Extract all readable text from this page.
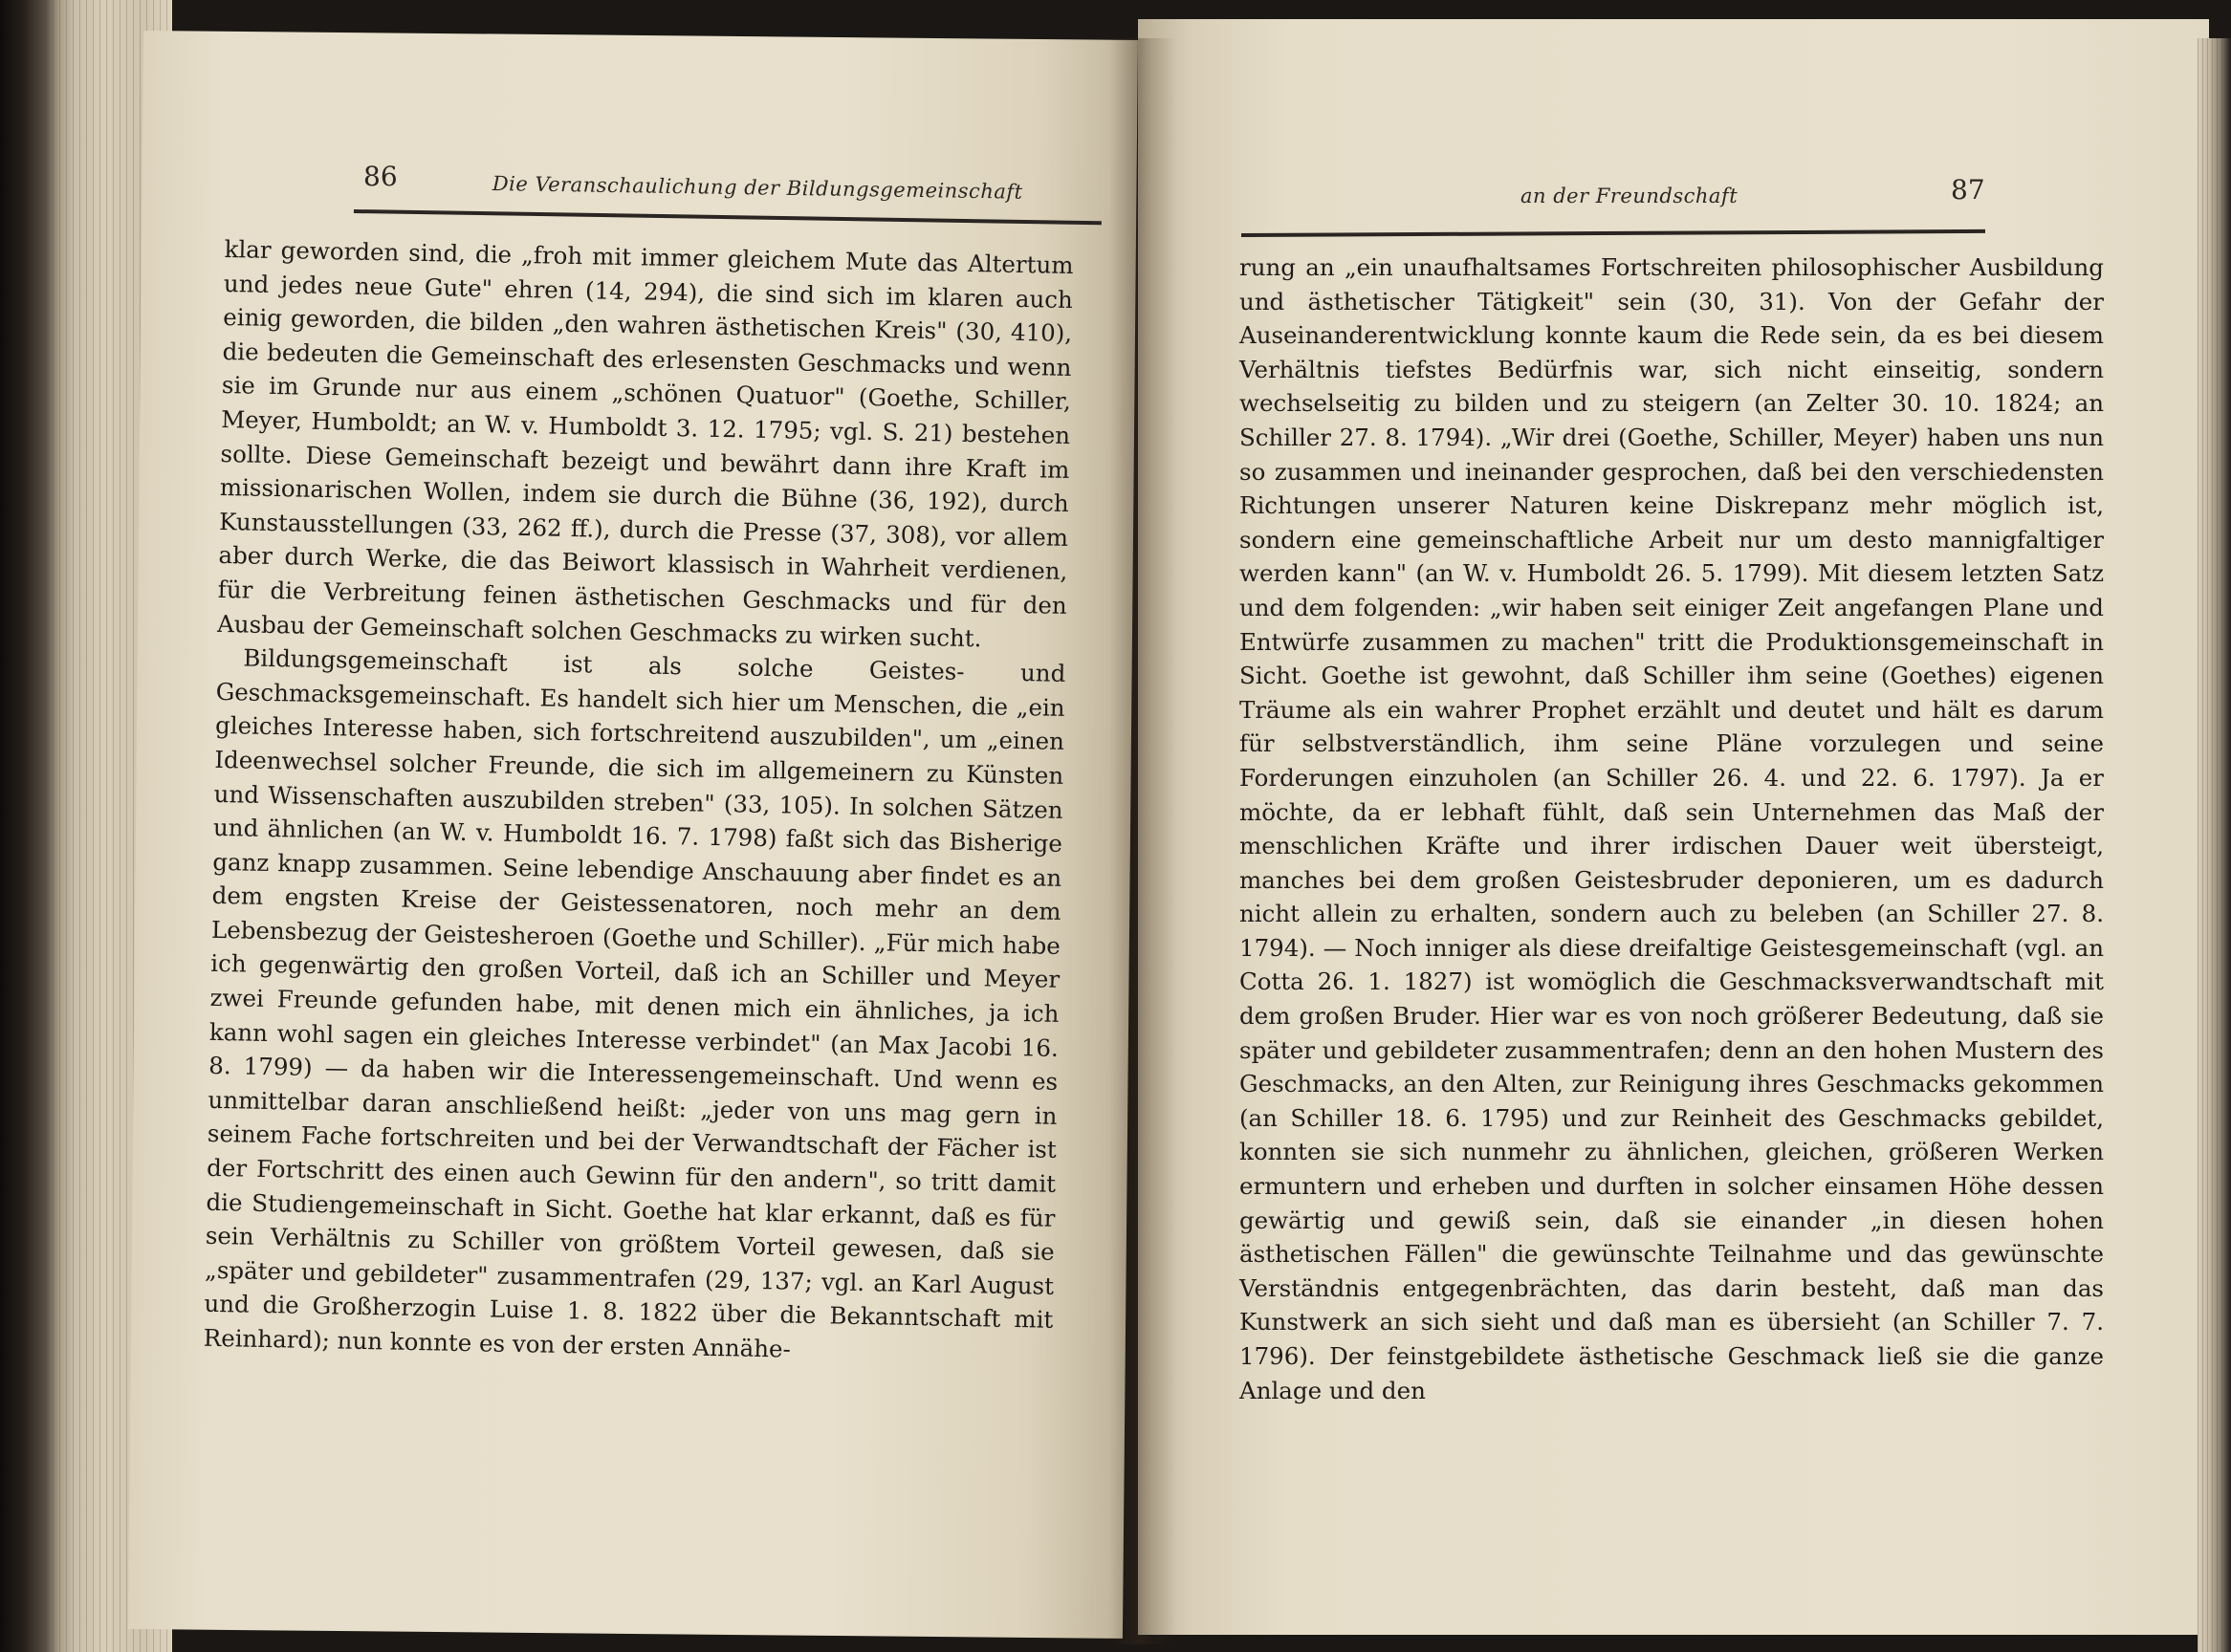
86	Die Veranschaulichung der Bildungsgemeinschaft

klar geworden sind, die „froh mit immer gleichem Mute das Altertum und jedes neue Gute" ehren (14, 294), die sind sich im klaren auch einig geworden, die bilden „den wahren ästhetischen Kreis" (30, 410), die bedeuten die Gemeinschaft des erlesensten Geschmacks und wenn sie im Grunde nur aus einem „schönen Quatuor" (Goethe, Schiller, Meyer, Humboldt; an W. v. Humboldt 3. 12. 1795; vgl. S. 21) bestehen sollte. Diese Gemeinschaft bezeigt und bewährt dann ihre Kraft im missionarischen Wollen, indem sie durch die Bühne (36, 192), durch Kunstausstellungen (33, 262 ff.), durch die Presse (37, 308), vor allem aber durch Werke, die das Beiwort klassisch in Wahrheit verdienen, für die Verbreitung feinen ästhetischen Geschmacks und für den Ausbau der Gemeinschaft solchen Geschmacks zu wirken sucht.

Bildungsgemeinschaft ist als solche Geistes- und Geschmacksgemeinschaft. Es handelt sich hier um Menschen, die „ein gleiches Interesse haben, sich fortschreitend auszubilden", um „einen Ideenwechsel solcher Freunde, die sich im allgemeinern zu Künsten und Wissenschaften auszubilden streben" (33, 105). In solchen Sätzen und ähnlichen (an W. v. Humboldt 16. 7. 1798) faßt sich das Bisherige ganz knapp zusammen. Seine lebendige Anschauung aber findet es an dem engsten Kreise der Geistessenatoren, noch mehr an dem Lebensbezug der Geistesheroen (Goethe und Schiller). „Für mich habe ich gegenwärtig den großen Vorteil, daß ich an Schiller und Meyer zwei Freunde gefunden habe, mit denen mich ein ähnliches, ja ich kann wohl sagen ein gleiches Interesse verbindet" (an Max Jacobi 16. 8. 1799) — da haben wir die Interessengemeinschaft. Und wenn es unmittelbar daran anschließend heißt: „jeder von uns mag gern in seinem Fache fortschreiten und bei der Verwandtschaft der Fächer ist der Fortschritt des einen auch Gewinn für den andern", so tritt damit die Studiengemeinschaft in Sicht. Goethe hat klar erkannt, daß es für sein Verhältnis zu Schiller von größtem Vorteil gewesen, daß sie „später und gebildeter" zusammentrafen (29, 137; vgl. an Karl August und die Großherzogin Luise 1. 8. 1822 über die Bekanntschaft mit Reinhard); nun konnte es von der ersten Annähe-

an der Freundschaft	87

rung an „ein unaufhaltsames Fortschreiten philosophischer Ausbildung und ästhetischer Tätigkeit" sein (30, 31). Von der Gefahr der Auseinanderentwicklung konnte kaum die Rede sein, da es bei diesem Verhältnis tiefstes Bedürfnis war, sich nicht einseitig, sondern wechselseitig zu bilden und zu steigern (an Zelter 30. 10. 1824; an Schiller 27. 8. 1794). „Wir drei (Goethe, Schiller, Meyer) haben uns nun so zusammen und ineinander gesprochen, daß bei den verschiedensten Richtungen unserer Naturen keine Diskrepanz mehr möglich ist, sondern eine gemeinschaftliche Arbeit nur um desto mannigfaltiger werden kann" (an W. v. Humboldt 26. 5. 1799). Mit diesem letzten Satz und dem folgenden: „wir haben seit einiger Zeit angefangen Plane und Entwürfe zusammen zu machen" tritt die Produktionsgemeinschaft in Sicht. Goethe ist gewohnt, daß Schiller ihm seine (Goethes) eigenen Träume als ein wahrer Prophet erzählt und deutet und hält es darum für selbstverständlich, ihm seine Pläne vorzulegen und seine Forderungen einzuholen (an Schiller 26. 4. und 22. 6. 1797). Ja er möchte, da er lebhaft fühlt, daß sein Unternehmen das Maß der menschlichen Kräfte und ihrer irdischen Dauer weit übersteigt, manches bei dem großen Geistesbruder deponieren, um es dadurch nicht allein zu erhalten, sondern auch zu beleben (an Schiller 27. 8. 1794). — Noch inniger als diese dreifaltige Geistesgemeinschaft (vgl. an Cotta 26. 1. 1827) ist womöglich die Geschmacksverwandtschaft mit dem großen Bruder. Hier war es von noch größerer Bedeutung, daß sie später und gebildeter zusammentrafen; denn an den hohen Mustern des Geschmacks, an den Alten, zur Reinigung ihres Geschmacks gekommen (an Schiller 18. 6. 1795) und zur Reinheit des Geschmacks gebildet, konnten sie sich nunmehr zu ähnlichen, gleichen, größeren Werken ermuntern und erheben und durften in solcher einsamen Höhe dessen gewärtig und gewiß sein, daß sie einander „in diesen hohen ästhetischen Fällen" die gewünschte Teilnahme und das gewünschte Verständnis entgegenbrächten, das darin besteht, daß man das Kunstwerk an sich sieht und daß man es übersieht (an Schiller 7. 7. 1796). Der feinstgebildete ästhetische Geschmack ließ sie die ganze Anlage und den
